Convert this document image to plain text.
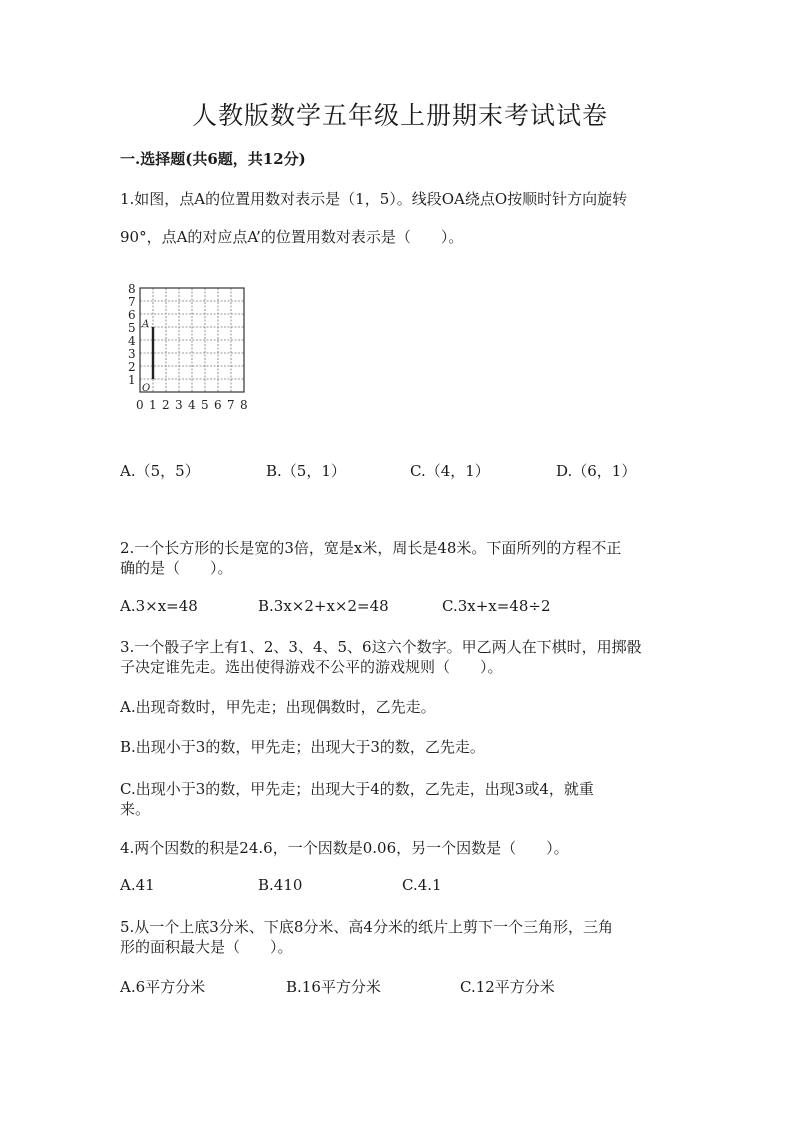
人教版数学五年级上册期末考试试卷
一.选择题(共6题，共12分)
1.如图，点A的位置用数对表示是（1，5）。线段OA绕点O按顺时针方向旋转
90°，点A的对应点A’的位置用数对表示是（　　）。
8
7
6
5
4
3
2
1
0 1 2 3 4 5 6 7 8
A
O
A.（5，5）	B.（5，1）	C.（4，1）	D.（6，1）
2.一个长方形的长是宽的3倍，宽是x米，周长是48米。下面所列的方程不正
确的是（　　）。
A.3×x=48	B.3x×2+x×2=48	C.3x+x=48÷2
3.一个骰子字上有1、2、3、4、5、6这六个数字。甲乙两人在下棋时，用掷骰
子决定谁先走。选出使得游戏不公平的游戏规则（　　）。
A.出现奇数时，甲先走；出现偶数时，乙先走。
B.出现小于3的数，甲先走；出现大于3的数，乙先走。
C.出现小于3的数，甲先走；出现大于4的数，乙先走，出现3或4，就重
来。
4.两个因数的积是24.6，一个因数是0.06，另一个因数是（　　）。
A.41	B.410	C.4.1
5.从一个上底3分米、下底8分米、高4分米的纸片上剪下一个三角形，三角
形的面积最大是（　　）。
A.6平方分米	B.16平方分米	C.12平方分米
